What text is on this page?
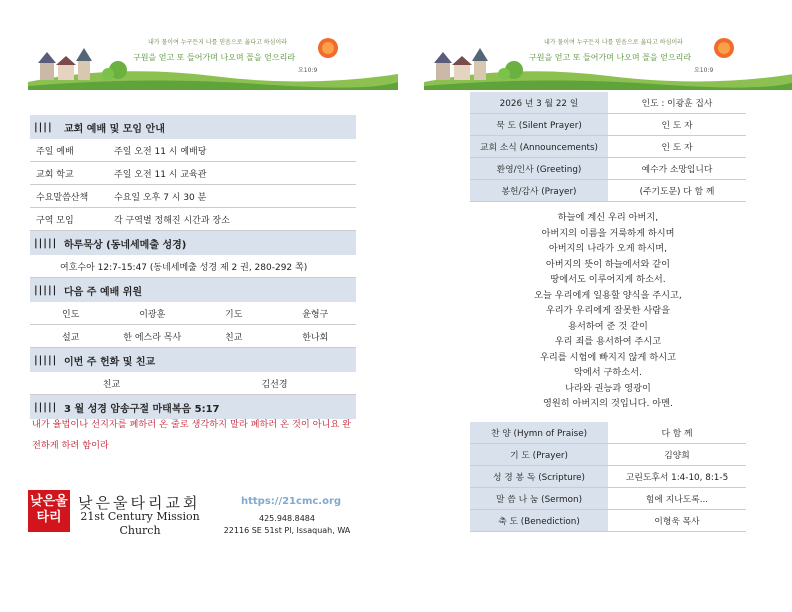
내가 물이여 누구든지 나를 믿음으로 옳다고 하심이라
구원을 얻고 또 들어가며 나오며 꼴을 얻으리라
요10:9
내가 물이여 누구든지 나를 믿음으로 옳다고 하심이라
구원을 얻고 또 들어가며 나오며 꼴을 얻으리라
요10:9
||||	교회 예배 및 모임 안내
주일 예배	주일 오전 11 시 예배당
교회 학교	주일 오전 11 시 교육관
수요말씀산책	수요일 오후 7 시 30 분
구역 모임	각 구역별 정해진 시간과 장소
||||| 하루묵상 (동네세메출 성경)
여호수아 12:7-15:47 (동네세메출 성경 제 2 권, 280-292 쪽)
||||| 다음 주 예배 위원
인도	이광훈	기도	윤형구
설교	한 에스라 목사	친교	한나회
||||| 이번 주 헌화 및 친교
친교	김선경
||||| 3 월 성경 암송구절 마태복음 5:17
내가 율법이나 선지자를 폐하러 온 줄로 생각하지 말라 폐하러 온 것이 아니요 완전하게 하려 함이라
낮은울타리
낮은울타리교회
21st Century Mission
Church
https://21cmc.org
425.948.8484
22116 SE 51st Pl, Issaquah, WA
2026 년 3 월 22 일	인도 : 이광훈 집사
묵 도 (Silent Prayer)	인 도 자
교회 소식 (Announcements)	인 도 자
환영/인사 (Greeting)	예수가 소망입니다
봉헌/감사 (Prayer)	(주기도문) 다 함 께
하늘에 계신 우리 아버지,
아버지의 이름을 거룩하게 하시며
아버지의 나라가 오게 하시며,
아버지의 뜻이 하늘에서와 같이
땅에서도 이루어지게 하소서.
오늘 우리에게 일용할 양식을 주시고,
우리가 우리에게 잘못한 사람을
용서하여 준 것 같이
우리 죄를 용서하여 주시고
우리를 시험에 빠지지 않게 하시고
악에서 구하소서.
나라와 권능과 영광이
영원히 아버지의 것입니다. 아멘.
찬 양 (Hymn of Praise)	다 함 께
기 도 (Prayer)	김양희
성 경 봉 독 (Scripture)	고린도후서 1:4-10, 8:1-5
말 씀 나 눔 (Sermon)	힘에 지나도록...
축 도 (Benediction)	이형욱 목사
